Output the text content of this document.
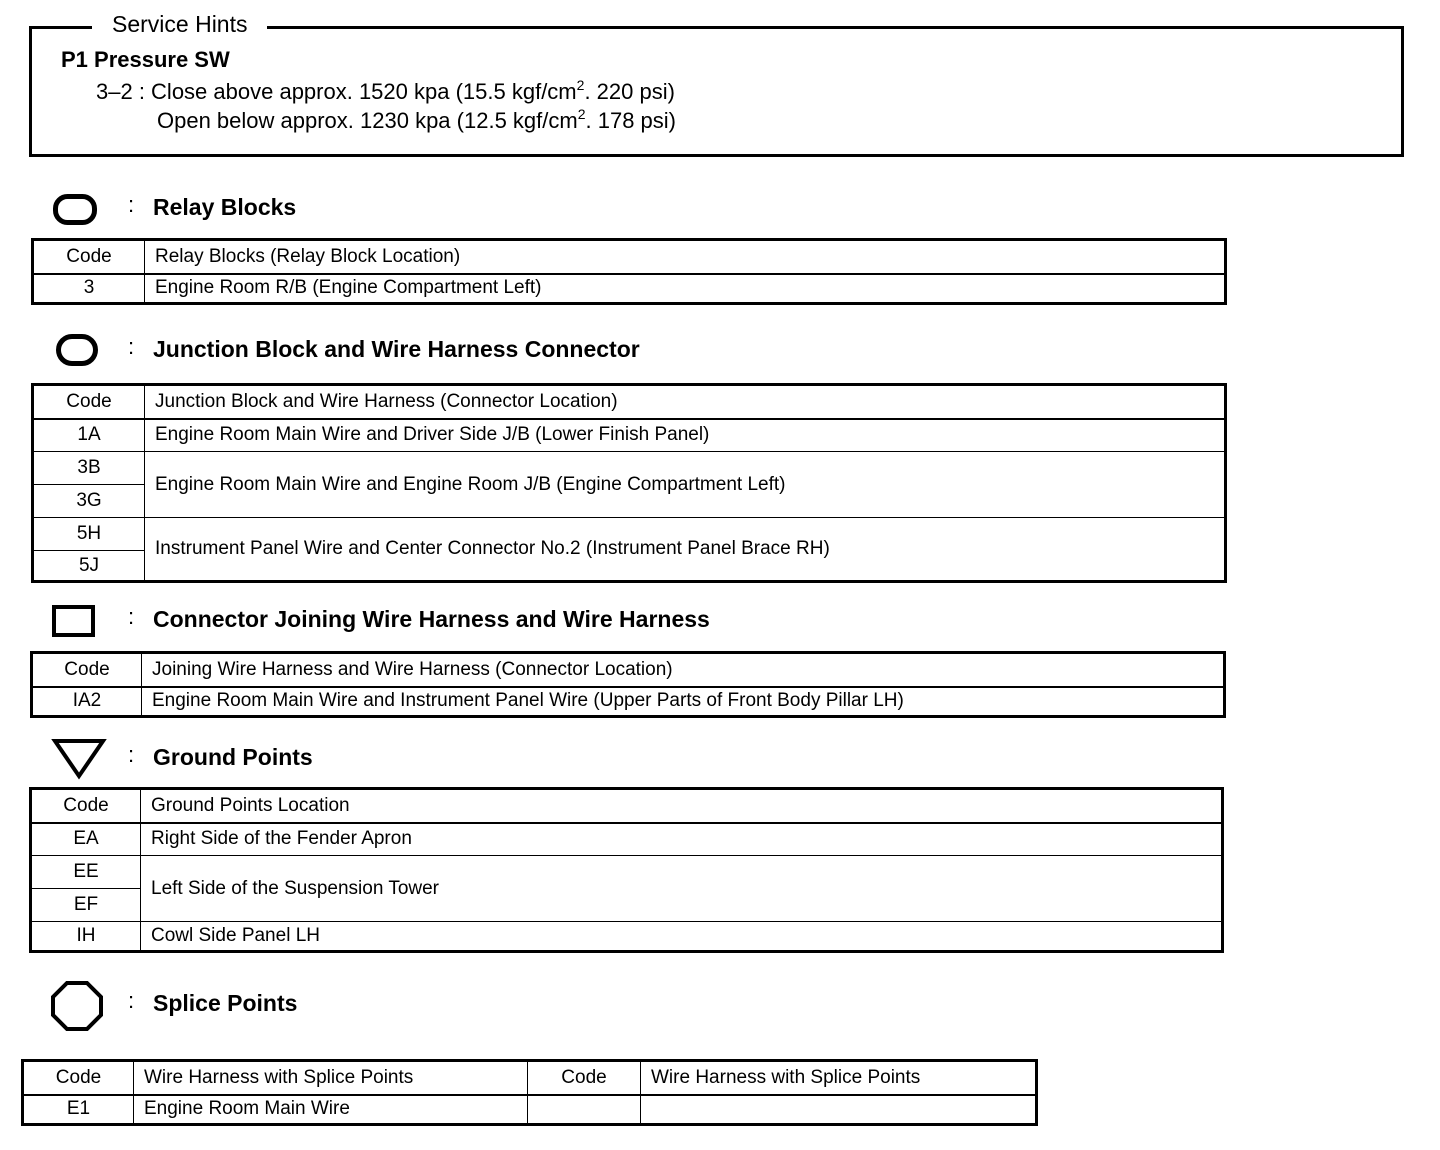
Service Hints
P1 Pressure SW
3–2 : Close above approx. 1520 kpa (15.5 kgf/$cm^2$. 220 psi)
Open below approx. 1230 kpa (12.5 kgf/$cm^2$. 178 psi)
: Relay Blocks
Code	Relay Blocks (Relay Block Location)
3	Engine Room R/B (Engine Compartment Left)
: Junction Block and Wire Harness Connector
Code	Junction Block and Wire Harness (Connector Location)
1A	Engine Room Main Wire and Driver Side J/B (Lower Finish Panel)
3B	Engine Room Main Wire and Engine Room J/B (Engine Compartment Left)
3G	
5H	Instrument Panel Wire and Center Connector No.2 (Instrument Panel Brace RH)
5J	
: Connector Joining Wire Harness and Wire Harness
Code	Joining Wire Harness and Wire Harness (Connector Location)
IA2	Engine Room Main Wire and Instrument Panel Wire (Upper Parts of Front Body Pillar LH)
: Ground Points
Code	Ground Points Location
EA	Right Side of the Fender Apron
EE	Left Side of the Suspension Tower
EF	
IH	Cowl Side Panel LH
: Splice Points
Code	Wire Harness with Splice Points	Code	Wire Harness with Splice Points
E1	Engine Room Main Wire		
